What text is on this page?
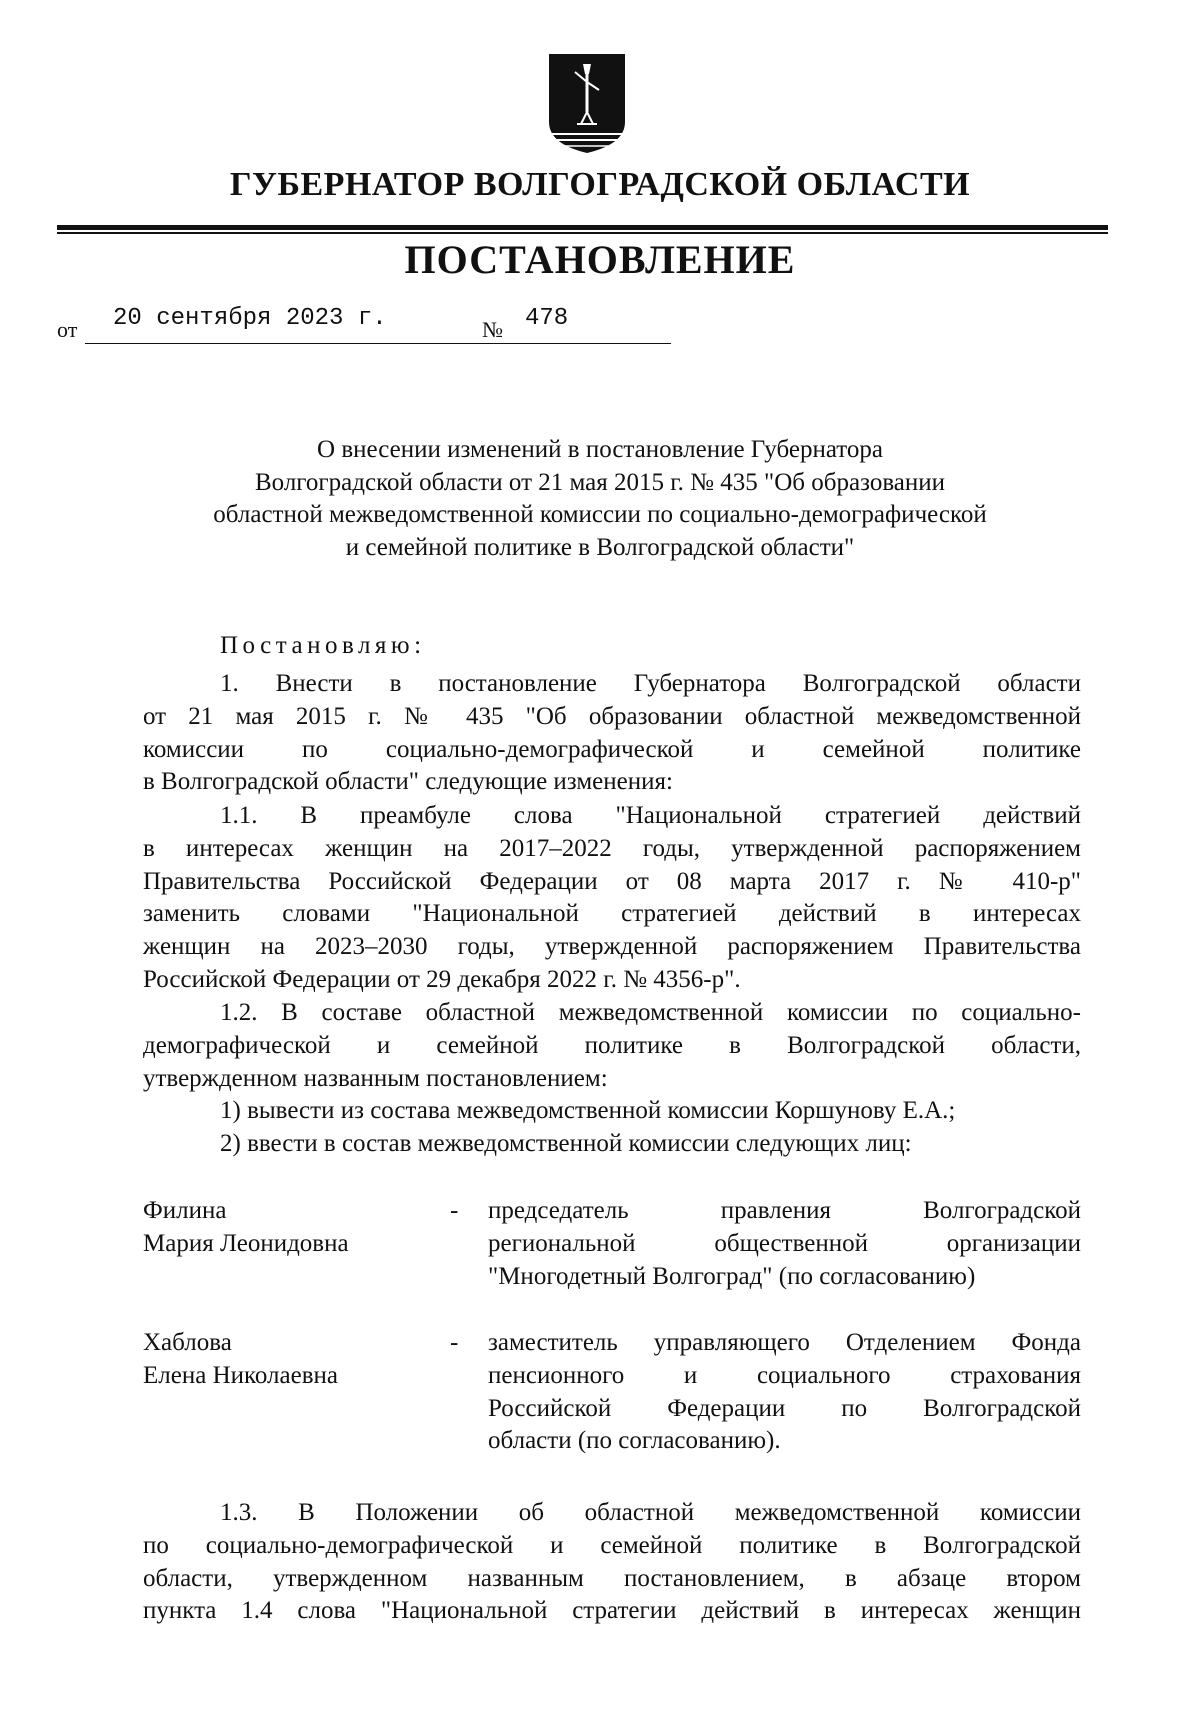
ГУБЕРНАТОР ВОЛГОГРАДСКОЙ ОБЛАСТИ
ПОСТАНОВЛЕНИЕ
от 20 сентября 2023 г.	№ 478
О внесении изменений в постановление Губернатора
Волгоградской области от 21 мая 2015 г. № 435 "Об образовании
областной межведомственной комиссии по социально-демографической
и семейной политике в Волгоградской области"
Постановляю:
1. Внести в постановление Губернатора Волгоградской области
от 21 мая 2015 г. № 435 "Об образовании областной межведомственной
комиссии по социально-демографической и семейной политике
в Волгоградской области" следующие изменения:
1.1. В преамбуле слова "Национальной стратегией действий
в интересах женщин на 2017–2022 годы, утвержденной распоряжением
Правительства Российской Федерации от 08 марта 2017 г. № 410-р"
заменить словами "Национальной стратегией действий в интересах
женщин на 2023–2030 годы, утвержденной распоряжением Правительства
Российской Федерации от 29 декабря 2022 г. № 4356-р".
1.2. В составе областной межведомственной комиссии по социально-
демографической и семейной политике в Волгоградской области,
утвержденном названным постановлением:
1) вывести из состава межведомственной комиссии Коршунову Е.А.;
2) ввести в состав межведомственной комиссии следующих лиц:
Филина
Мария Леонидовна
- председатель правления Волгоградской
региональной общественной организации
"Многодетный Волгоград" (по согласованию)
Хаблова
Елена Николаевна
- заместитель управляющего Отделением Фонда
пенсионного и социального страхования
Российской Федерации по Волгоградской
области (по согласованию).
1.3. В Положении об областной межведомственной комиссии
по социально-демографической и семейной политике в Волгоградской
области, утвержденном названным постановлением, в абзаце втором
пункта 1.4 слова "Национальной стратегии действий в интересах женщин
